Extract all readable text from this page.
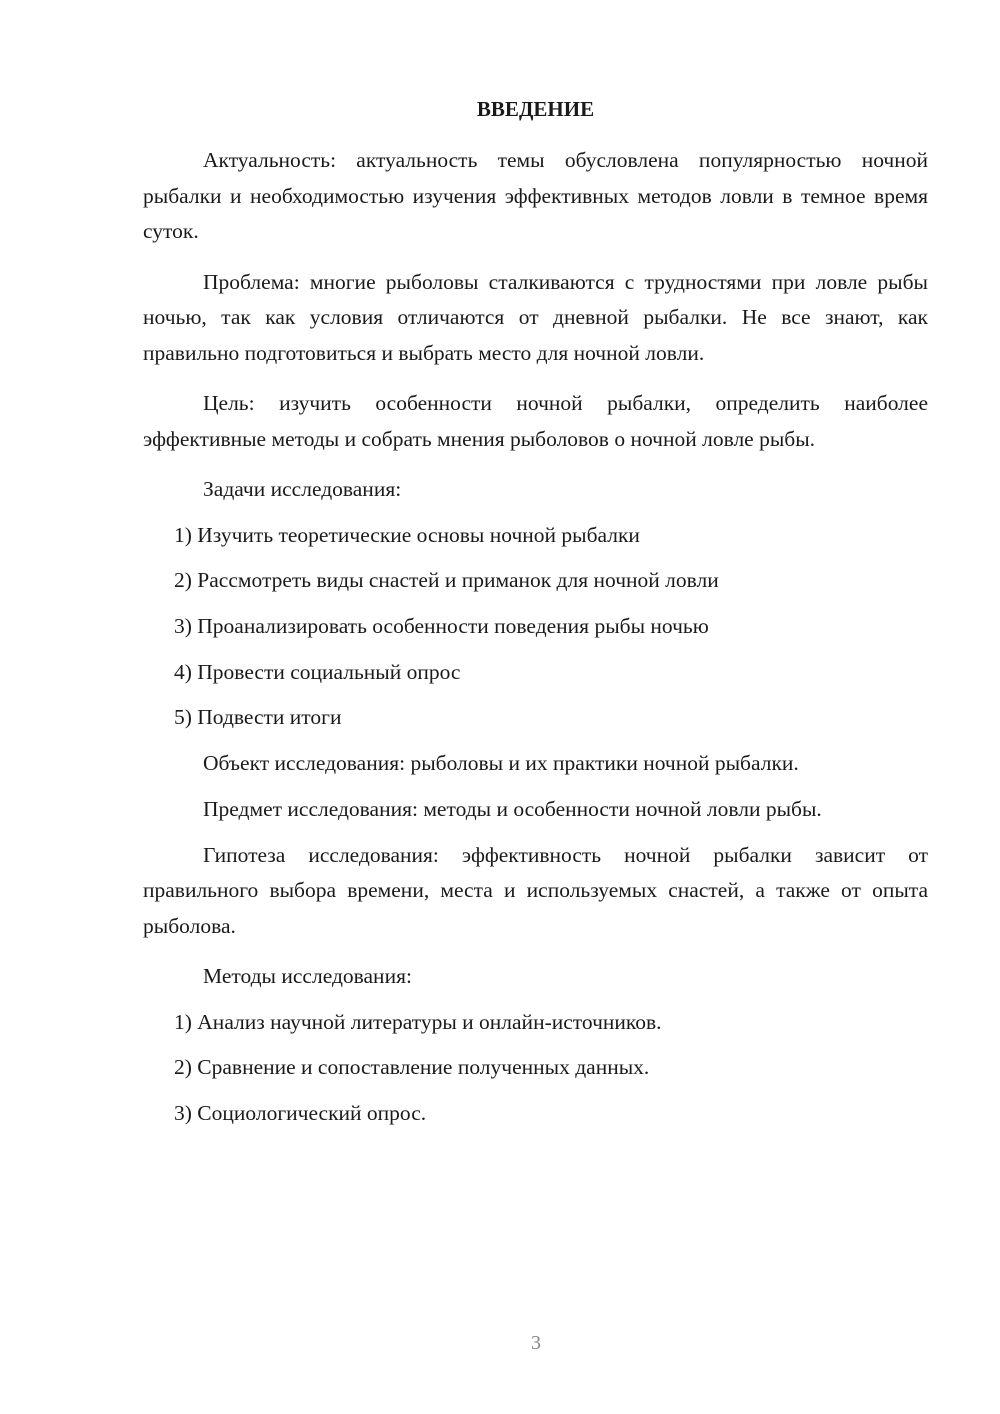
ВВЕДЕНИЕ

Актуальность: актуальность темы обусловлена популярностью ночной рыбалки и необходимостью изучения эффективных методов ловли в темное время суток.

Проблема: многие рыболовы сталкиваются с трудностями при ловле рыбы ночью, так как условия отличаются от дневной рыбалки. Не все знают, как правильно подготовиться и выбрать место для ночной ловли.

Цель: изучить особенности ночной рыбалки, определить наиболее эффективные методы и собрать мнения рыболовов о ночной ловле рыбы.

Задачи исследования:
1) Изучить теоретические основы ночной рыбалки
2) Рассмотреть виды снастей и приманок для ночной ловли
3) Проанализировать особенности поведения рыбы ночью
4) Провести социальный опрос
5) Подвести итоги
Объект исследования: рыболовы и их практики ночной рыбалки.
Предмет исследования: методы и особенности ночной ловли рыбы.

Гипотеза исследования: эффективность ночной рыбалки зависит от правильного выбора времени, места и используемых снастей, а также от опыта рыболова.

Методы исследования:
1) Анализ научной литературы и онлайн-источников.
2) Сравнение и сопоставление полученных данных.
3) Социологический опрос.
3
